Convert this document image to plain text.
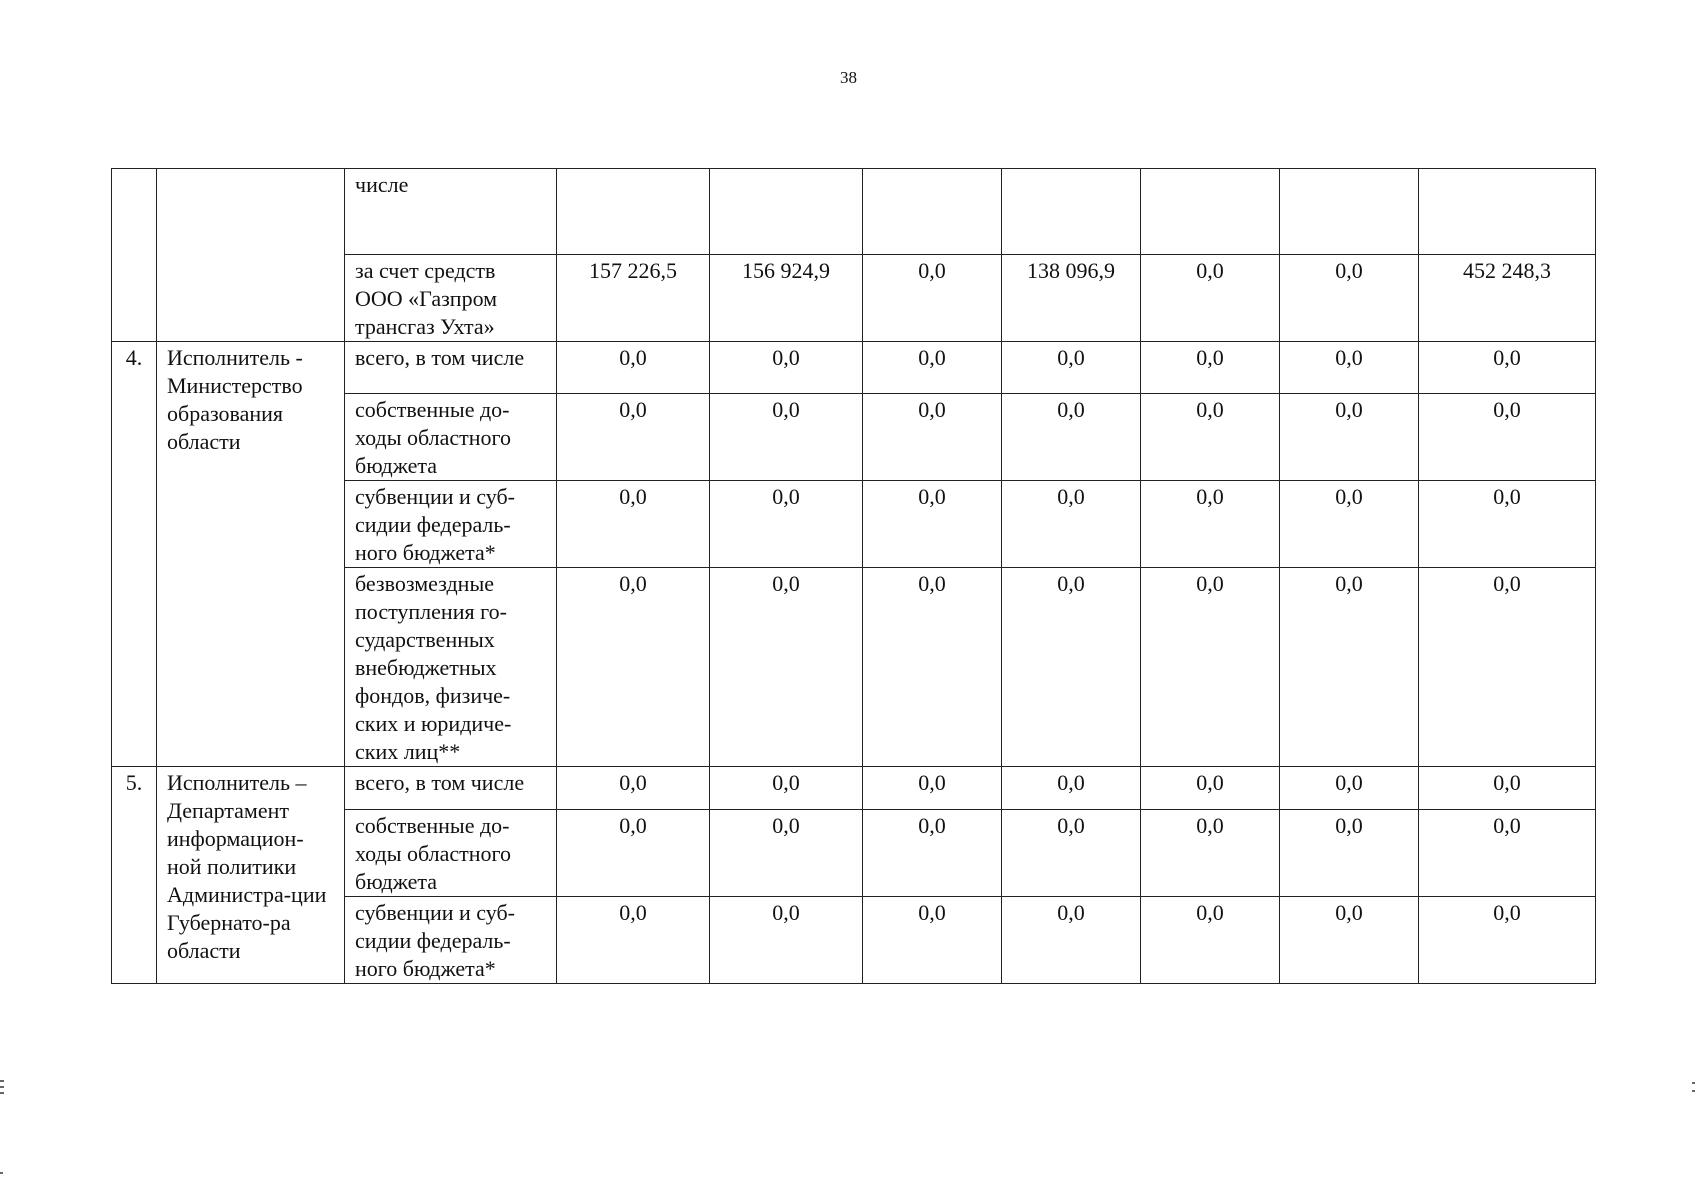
38
		числе							
		за счет средств ООО «Газпром трансгаз Ухта»	157 226,5	156 924,9	0,0	138 096,9	0,0	0,0	452 248,3
4.	Исполнитель - Министерство образования области	всего, в том числе	0,0	0,0	0,0	0,0	0,0	0,0	0,0
		собственные до-ходы областного бюджета	0,0	0,0	0,0	0,0	0,0	0,0	0,0
		субвенции и суб-сидии федераль-ного бюджета*	0,0	0,0	0,0	0,0	0,0	0,0	0,0
		безвозмездные поступления го-сударственных внебюджетных фондов, физиче-ских и юридиче-ских лиц**	0,0	0,0	0,0	0,0	0,0	0,0	0,0
5.	Исполнитель – Департамент информацион-ной политики Администра-ции Губернато-ра области	всего, в том числе	0,0	0,0	0,0	0,0	0,0	0,0	0,0
		собственные до-ходы областного бюджета	0,0	0,0	0,0	0,0	0,0	0,0	0,0
		субвенции и суб-сидии федераль-ного бюджета*	0,0	0,0	0,0	0,0	0,0	0,0	0,0
